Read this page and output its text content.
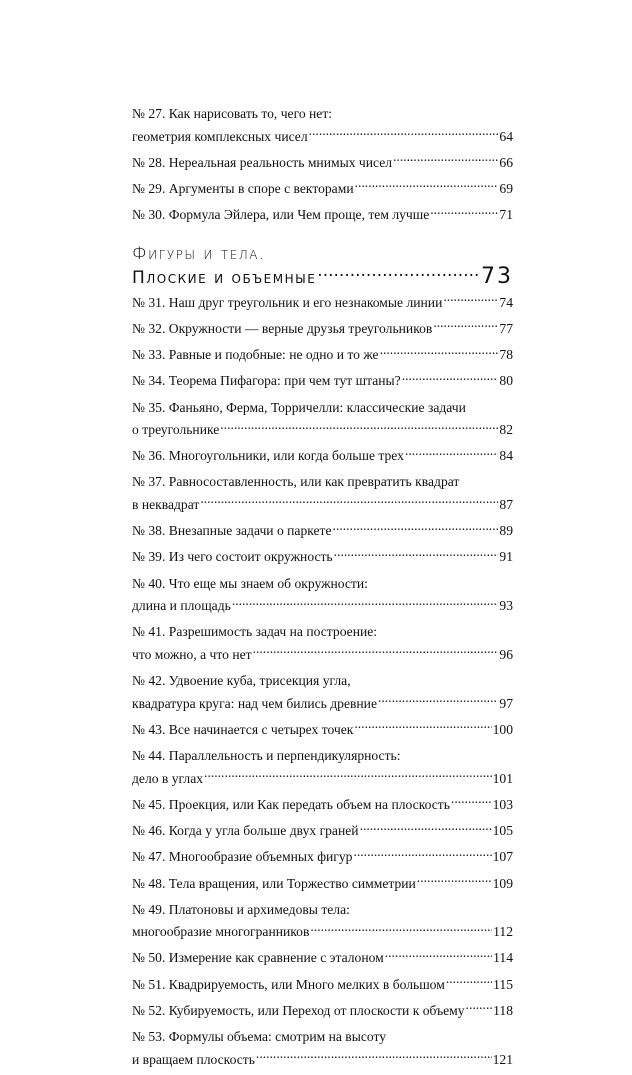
№ 27. Как нарисовать то, чего нет:
геометрия комплексных чисел .....	64
№ 28. Нереальная реальность мнимых чисел .....	66
№ 29. Аргументы в споре с векторами .....	69
№ 30. Формула Эйлера, или Чем проще, тем лучше .....	71
Фигуры и тела.
Плоские и объемные .....	73
№ 31. Наш друг треугольник и его незнакомые линии .....	74
№ 32. Окружности — верные друзья треугольников .....	77
№ 33. Равные и подобные: не одно и то же .....	78
№ 34. Теорема Пифагора: при чем тут штаны? .....	80
№ 35. Фаньяно, Ферма, Торричелли: классические задачи
о треугольнике .....	82
№ 36. Многоугольники, или когда больше трех .....	84
№ 37. Равносоставленность, или как превратить квадрат
в неквадрат .....	87
№ 38. Внезапные задачи о паркете .....	89
№ 39. Из чего состоит окружность .....	91
№ 40. Что еще мы знаем об окружности:
длина и площадь .....	93
№ 41. Разрешимость задач на построение:
что можно, а что нет .....	96
№ 42. Удвоение куба, трисекция угла,
квадратура круга: над чем бились древние .....	97
№ 43. Все начинается с четырех точек .....	100
№ 44. Параллельность и перпендикулярность:
дело в углах .....	101
№ 45. Проекция, или Как передать объем на плоскость .....	103
№ 46. Когда у угла больше двух граней .....	105
№ 47. Многообразие объемных фигур .....	107
№ 48. Тела вращения, или Торжество симметрии .....	109
№ 49. Платоновы и архимедовы тела:
многообразие многогранников .....	112
№ 50. Измерение как сравнение с эталоном .....	114
№ 51. Квадрируемость, или Много мелких в большом .....	115
№ 52. Кубируемость, или Переход от плоскости к объему ..... 118
№ 53. Формулы объема: смотрим на высоту
и вращаем плоскость .....	121
